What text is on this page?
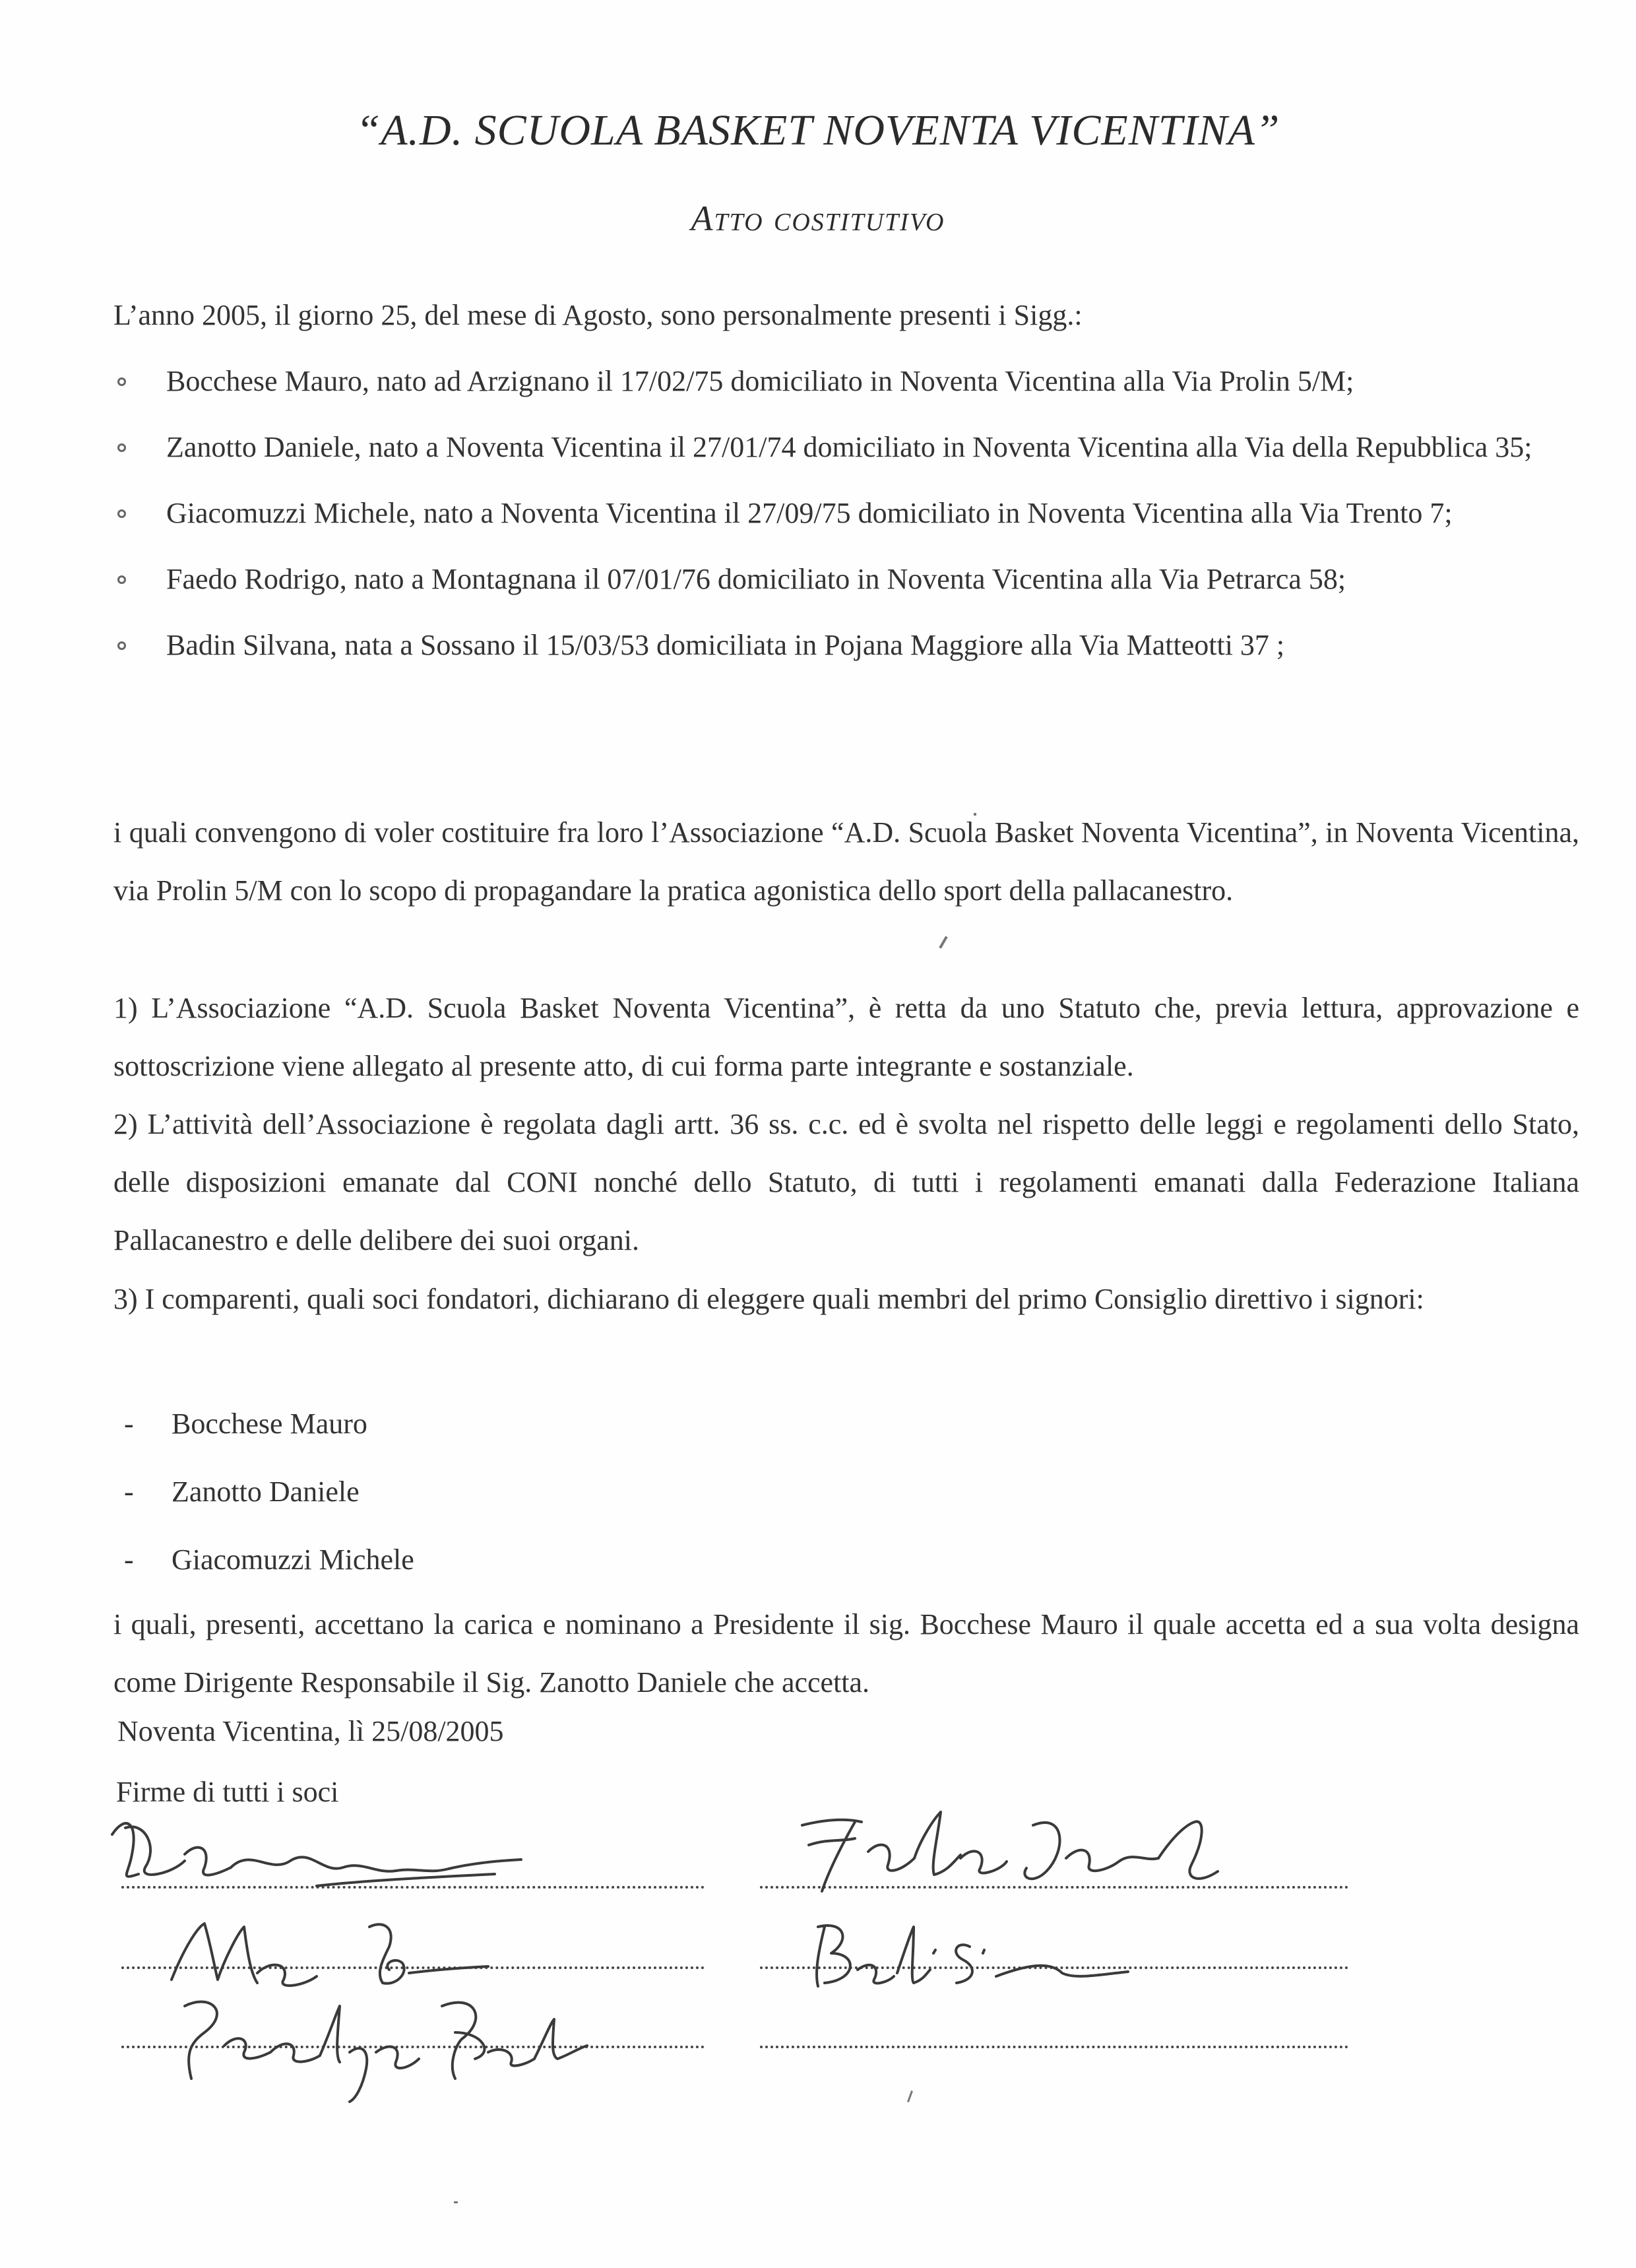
“A.D. SCUOLA BASKET NOVENTA VICENTINA”
Atto costitutivo
L’anno 2005, il giorno 25, del mese di Agosto, sono personalmente presenti i Sigg.:
Bocchese Mauro, nato ad Arzignano il 17/02/75 domiciliato in Noventa Vicentina alla Via Prolin 5/M;
Zanotto Daniele, nato a Noventa Vicentina il 27/01/74 domiciliato in Noventa Vicentina alla Via della Repubblica 35;
Giacomuzzi Michele, nato a Noventa Vicentina il 27/09/75 domiciliato in Noventa Vicentina alla Via Trento 7;
Faedo Rodrigo, nato a Montagnana il 07/01/76 domiciliato in Noventa Vicentina alla Via Petrarca 58;
Badin Silvana, nata a Sossano il 15/03/53 domiciliata in Pojana Maggiore alla Via Matteotti 37 ;

i quali convengono di voler costituire fra loro l’Associazione “A.D. Scuola Basket Noventa Vicentina”, in Noventa Vicentina, via Prolin 5/M con lo scopo di propagandare la pratica agonistica dello sport della pallacanestro.

1) L’Associazione “A.D. Scuola Basket Noventa Vicentina”, è retta da uno Statuto che, previa lettura, approvazione e sottoscrizione viene allegato al presente atto, di cui forma parte integrante e sostanziale.

2) L’attività dell’Associazione è regolata dagli artt. 36 ss. c.c. ed è svolta nel rispetto delle leggi e regolamenti dello Stato, delle disposizioni emanate dal CONI nonché dello Statuto, di tutti i regolamenti emanati dalla Federazione Italiana Pallacanestro e delle delibere dei suoi organi.

3) I comparenti, quali soci fondatori, dichiarano di eleggere quali membri del primo Consiglio direttivo i signori:

- Bocchese Mauro
- Zanotto Daniele
- Giacomuzzi Michele

i quali, presenti, accettano la carica e nominano a Presidente il sig. Bocchese Mauro il quale accetta ed a sua volta designa come Dirigente Responsabile il Sig. Zanotto Daniele che accetta.

Noventa Vicentina, lì 25/08/2005
Firme di tutti i soci
